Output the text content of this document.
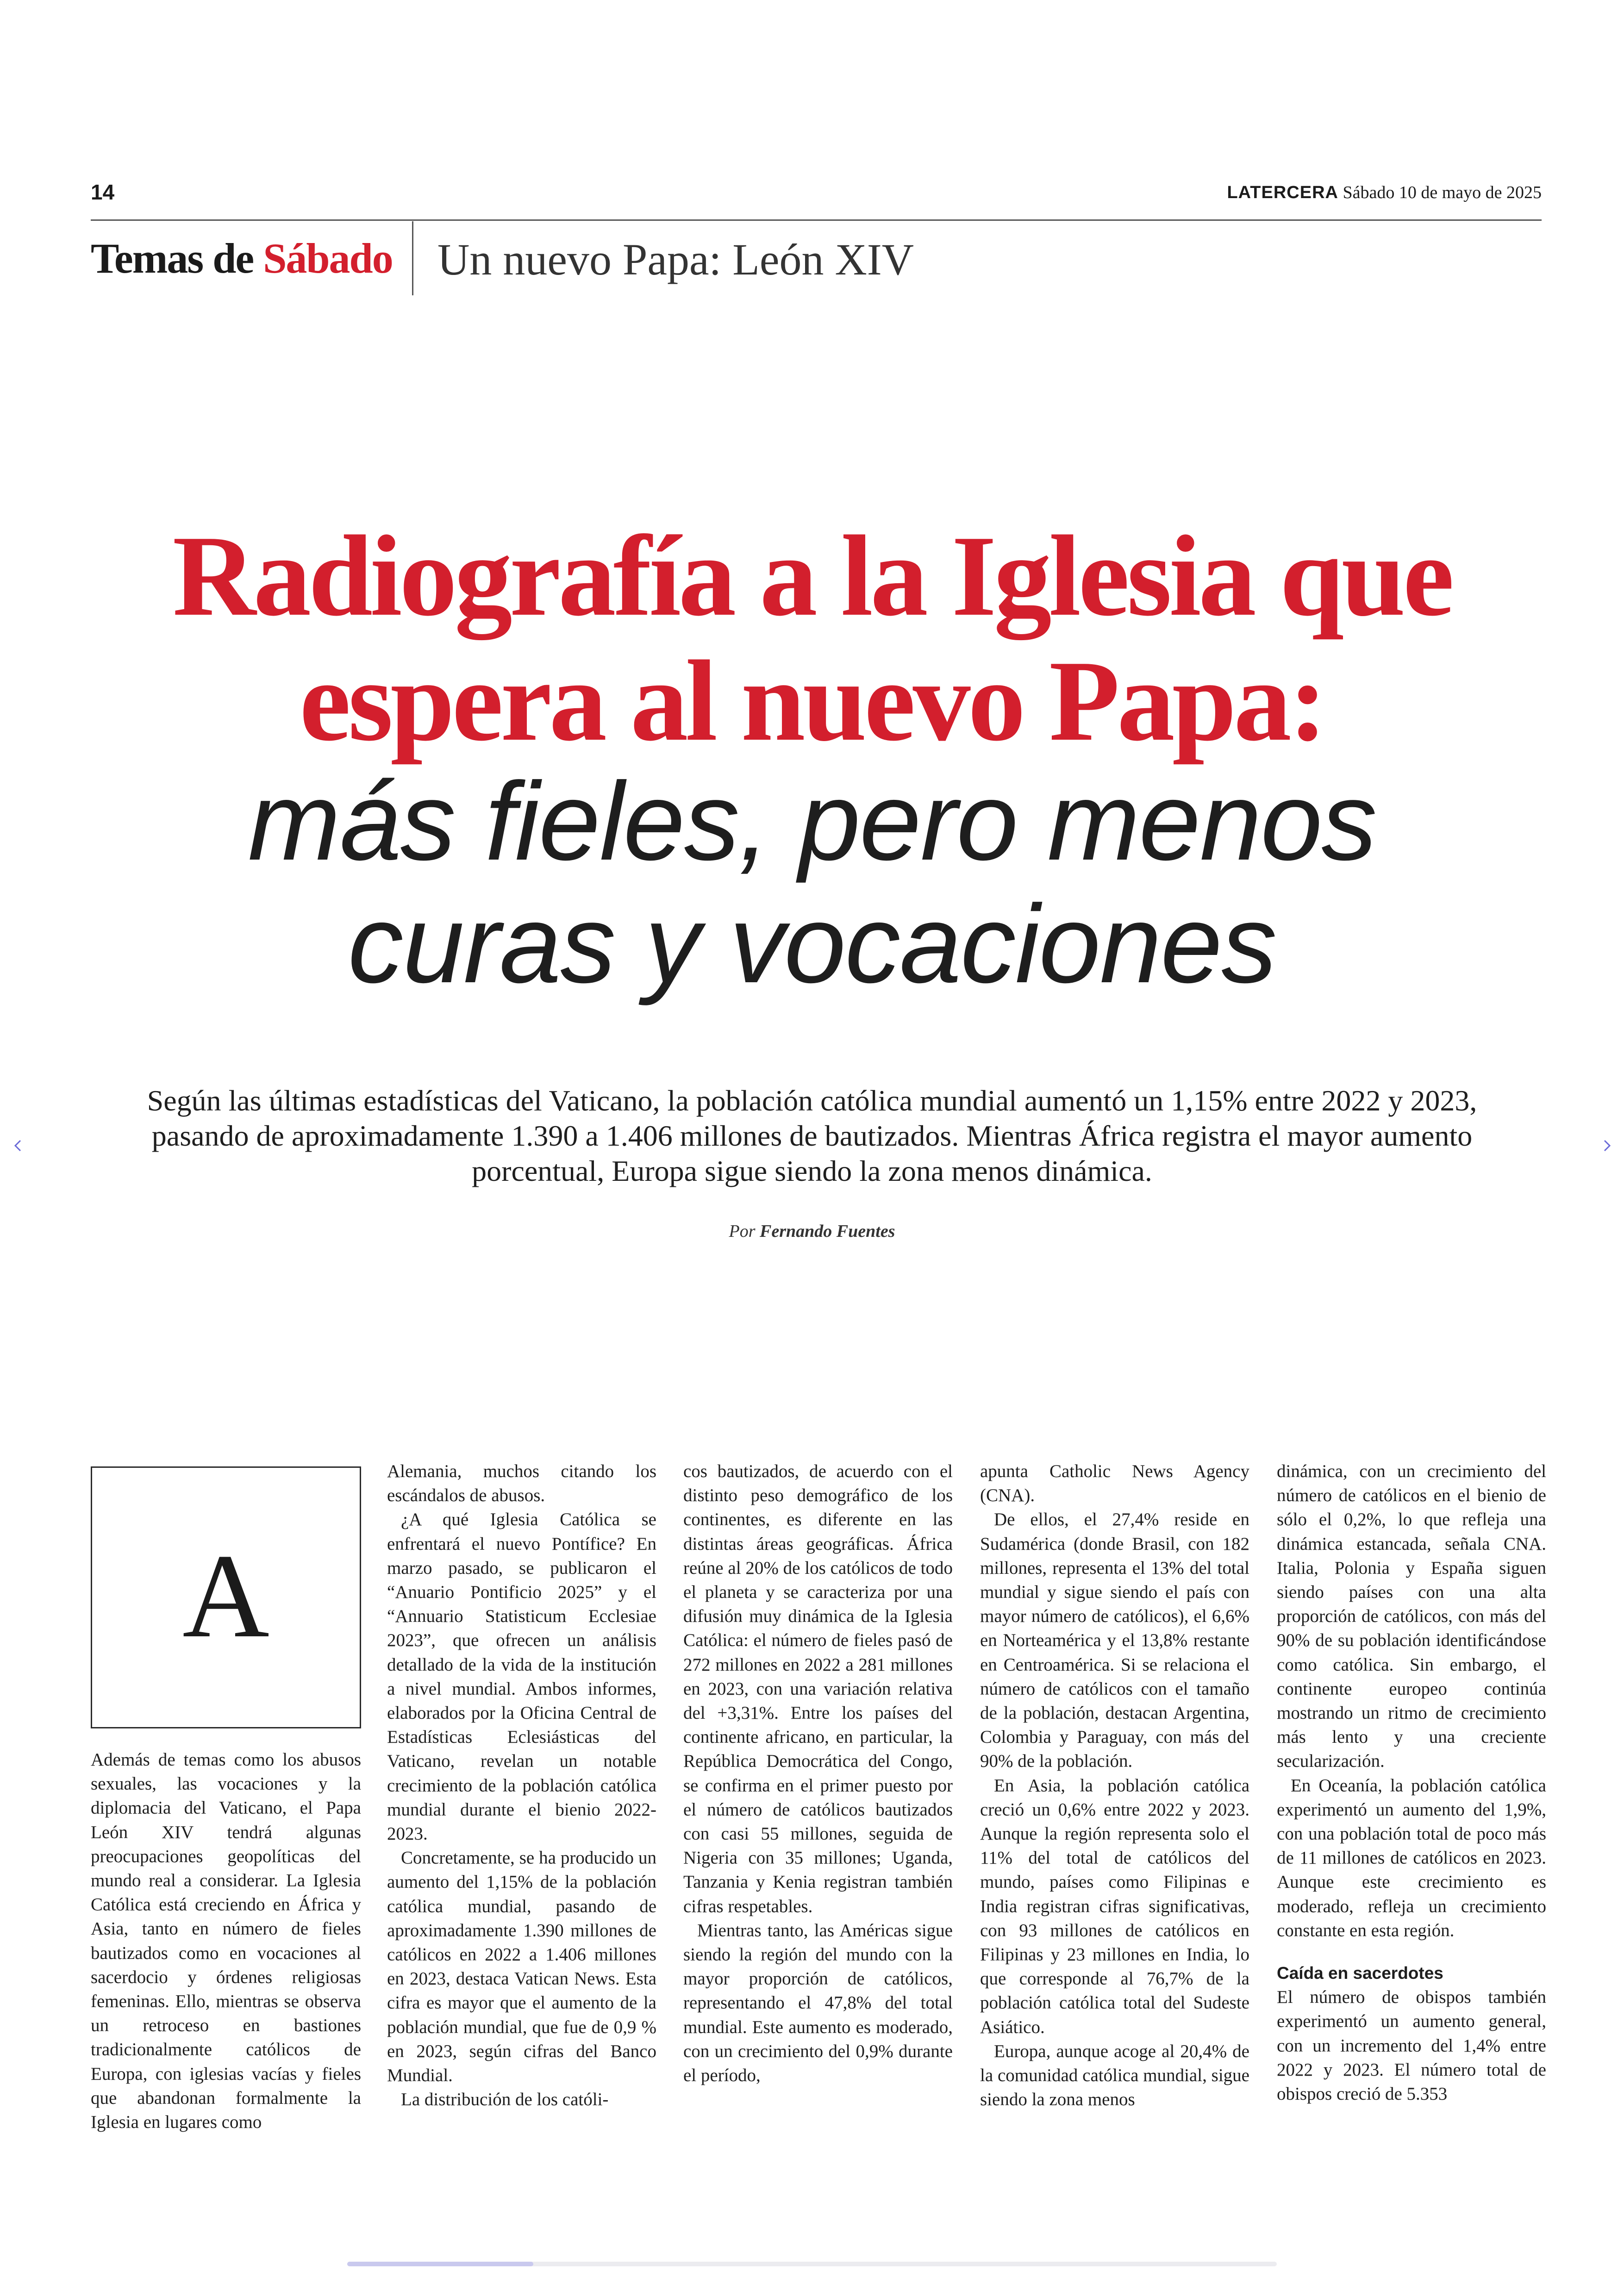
14	LATERCERA Sábado 10 de mayo de 2025
Temas de Sábado Un nuevo Papa: León XIV
Radiografía a la Iglesia que
espera al nuevo Papa:
más fieles, pero menos
curas y vocaciones
Según las últimas estadísticas del Vaticano, la población católica mundial aumentó un 1,15% entre 2022 y 2023, pasando de aproximadamente 1.390 a 1.406 millones de bautizados. Mientras África registra el mayor aumento porcentual, Europa sigue siendo la zona menos dinámica.
Por Fernando Fuentes
A

Además de temas como los abusos sexuales, las vocaciones y la diplomacia del Vaticano, el Papa León XIV tendrá algunas preocupaciones geopolíticas del mundo real a considerar. La Iglesia Católica está creciendo en África y Asia, tanto en número de fieles bautizados como en vocaciones al sacerdocio y órdenes religiosas femeninas. Ello, mientras se observa un retroceso en bastiones tradicionalmente católicos de Europa, con iglesias vacías y fieles que abandonan formalmente la Iglesia en lugares como

Alemania, muchos citando los escándalos de abusos.

¿A qué Iglesia Católica se enfrentará el nuevo Pontífice? En marzo pasado, se publicaron el “Anuario Pontificio 2025” y el “Annuario Statisticum Ecclesiae 2023”, que ofrecen un análisis detallado de la vida de la institución a nivel mundial. Ambos informes, elaborados por la Oficina Central de Estadísticas Eclesiásticas del Vaticano, revelan un notable crecimiento de la población católica mundial durante el bienio 2022-2023.

Concretamente, se ha producido un aumento del 1,15% de la población católica mundial, pasando de aproximadamente 1.390 millones de católicos en 2022 a 1.406 millones en 2023, destaca Vatican News. Esta cifra es mayor que el aumento de la población mundial, que fue de 0,9 % en 2023, según cifras del Banco Mundial.

La distribución de los católi-

cos bautizados, de acuerdo con el distinto peso demográfico de los continentes, es diferente en las distintas áreas geográficas. África reúne al 20% de los católicos de todo el planeta y se caracteriza por una difusión muy dinámica de la Iglesia Católica: el número de fieles pasó de 272 millones en 2022 a 281 millones en 2023, con una variación relativa del +3,31%. Entre los países del continente africano, en particular, la República Democrática del Congo, se confirma en el primer puesto por el número de católicos bautizados con casi 55 millones, seguida de Nigeria con 35 millones; Uganda, Tanzania y Kenia registran también cifras respetables.

Mientras tanto, las Américas sigue siendo la región del mundo con la mayor proporción de católicos, representando el 47,8% del total mundial. Este aumento es moderado, con un crecimiento del 0,9% durante el período,

apunta Catholic News Agency (CNA).

De ellos, el 27,4% reside en Sudamérica (donde Brasil, con 182 millones, representa el 13% del total mundial y sigue siendo el país con mayor número de católicos), el 6,6% en Norteamérica y el 13,8% restante en Centroamérica. Si se relaciona el número de católicos con el tamaño de la población, destacan Argentina, Colombia y Paraguay, con más del 90% de la población.

En Asia, la población católica creció un 0,6% entre 2022 y 2023. Aunque la región representa solo el 11% del total de católicos del mundo, países como Filipinas e India registran cifras significativas, con 93 millones de católicos en Filipinas y 23 millones en India, lo que corresponde al 76,7% de la población católica total del Sudeste Asiático.

Europa, aunque acoge al 20,4% de la comunidad católica mundial, sigue siendo la zona menos

dinámica, con un crecimiento del número de católicos en el bienio de sólo el 0,2%, lo que refleja una dinámica estancada, señala CNA. Italia, Polonia y España siguen siendo países con una alta proporción de católicos, con más del 90% de su población identificándose como católica. Sin embargo, el continente europeo continúa mostrando un ritmo de crecimiento más lento y una creciente secularización.

En Oceanía, la población católica experimentó un aumento del 1,9%, con una población total de poco más de 11 millones de católicos en 2023. Aunque este crecimiento es moderado, refleja un crecimiento constante en esta región.

Caída en sacerdotes

El número de obispos también experimentó un aumento general, con un incremento del 1,4% entre 2022 y 2023. El número total de obispos creció de 5.353
